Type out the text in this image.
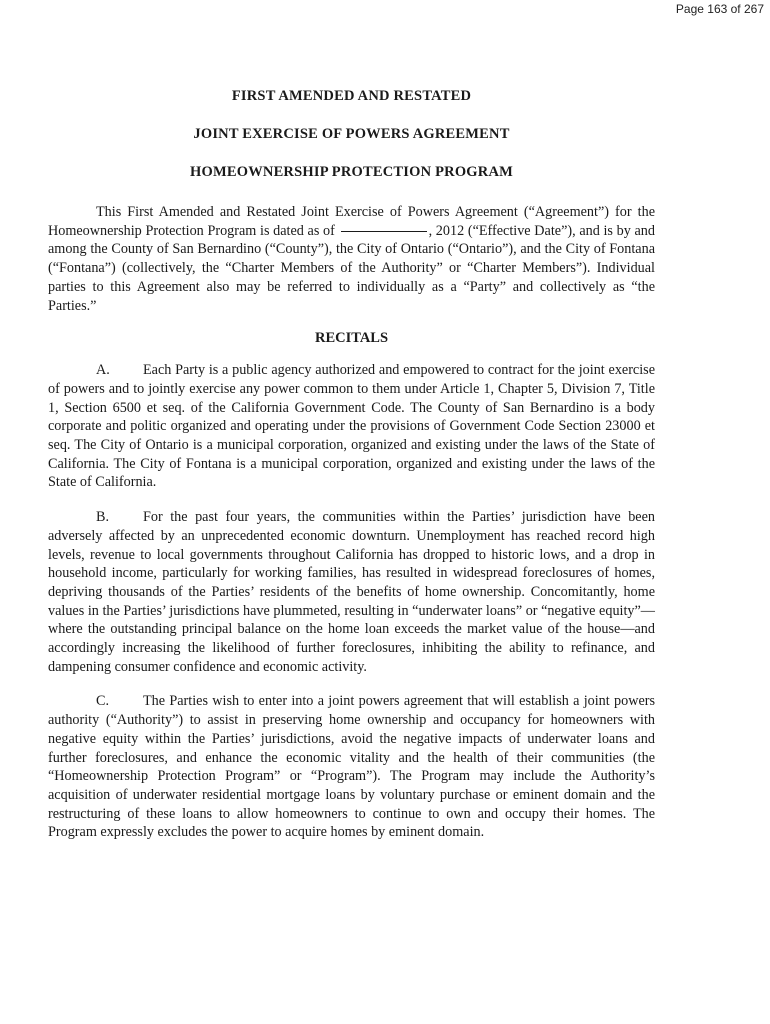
Page 163 of 267

FIRST AMENDED AND RESTATED

JOINT EXERCISE OF POWERS AGREEMENT

HOMEOWNERSHIP PROTECTION PROGRAM

This First Amended and Restated Joint Exercise of Powers Agreement (“Agreement”) for the Homeownership Protection Program is dated as of	, 2012 (“Effective Date”), and is by and among the County of San Bernardino (“County”), the City of Ontario (“Ontario”), and the City of Fontana (“Fontana”) (collectively, the “Charter Members of the Authority” or “Charter Members”). Individual parties to this Agreement also may be referred to individually as a “Party” and collectively as “the Parties.”

RECITALS

A. Each Party is a public agency authorized and empowered to contract for the joint exercise of powers and to jointly exercise any power common to them under Article 1, Chapter 5, Division 7, Title 1, Section 6500 et seq. of the California Government Code. The County of San Bernardino is a body corporate and politic organized and operating under the provisions of Government Code Section 23000 et seq. The City of Ontario is a municipal corporation, organized and existing under the laws of the State of California. The City of Fontana is a municipal corporation, organized and existing under the laws of the State of California.

B. For the past four years, the communities within the Parties’ jurisdiction have been adversely affected by an unprecedented economic downturn. Unemployment has reached record high levels, revenue to local governments throughout California has dropped to historic lows, and a drop in household income, particularly for working families, has resulted in widespread foreclosures of homes, depriving thousands of the Parties’ residents of the benefits of home ownership. Concomitantly, home values in the Parties’ jurisdictions have plummeted, resulting in “underwater loans” or “negative equity”—where the outstanding principal balance on the home loan exceeds the market value of the house—and accordingly increasing the likelihood of further foreclosures, inhibiting the ability to refinance, and dampening consumer confidence and economic activity.

C. The Parties wish to enter into a joint powers agreement that will establish a joint powers authority (“Authority”) to assist in preserving home ownership and occupancy for homeowners with negative equity within the Parties’ jurisdictions, avoid the negative impacts of underwater loans and further foreclosures, and enhance the economic vitality and the health of their communities (the “Homeownership Protection Program” or “Program”). The Program may include the Authority’s acquisition of underwater residential mortgage loans by voluntary purchase or eminent domain and the restructuring of these loans to allow homeowners to continue to own and occupy their homes. The Program expressly excludes the power to acquire homes by eminent domain.
